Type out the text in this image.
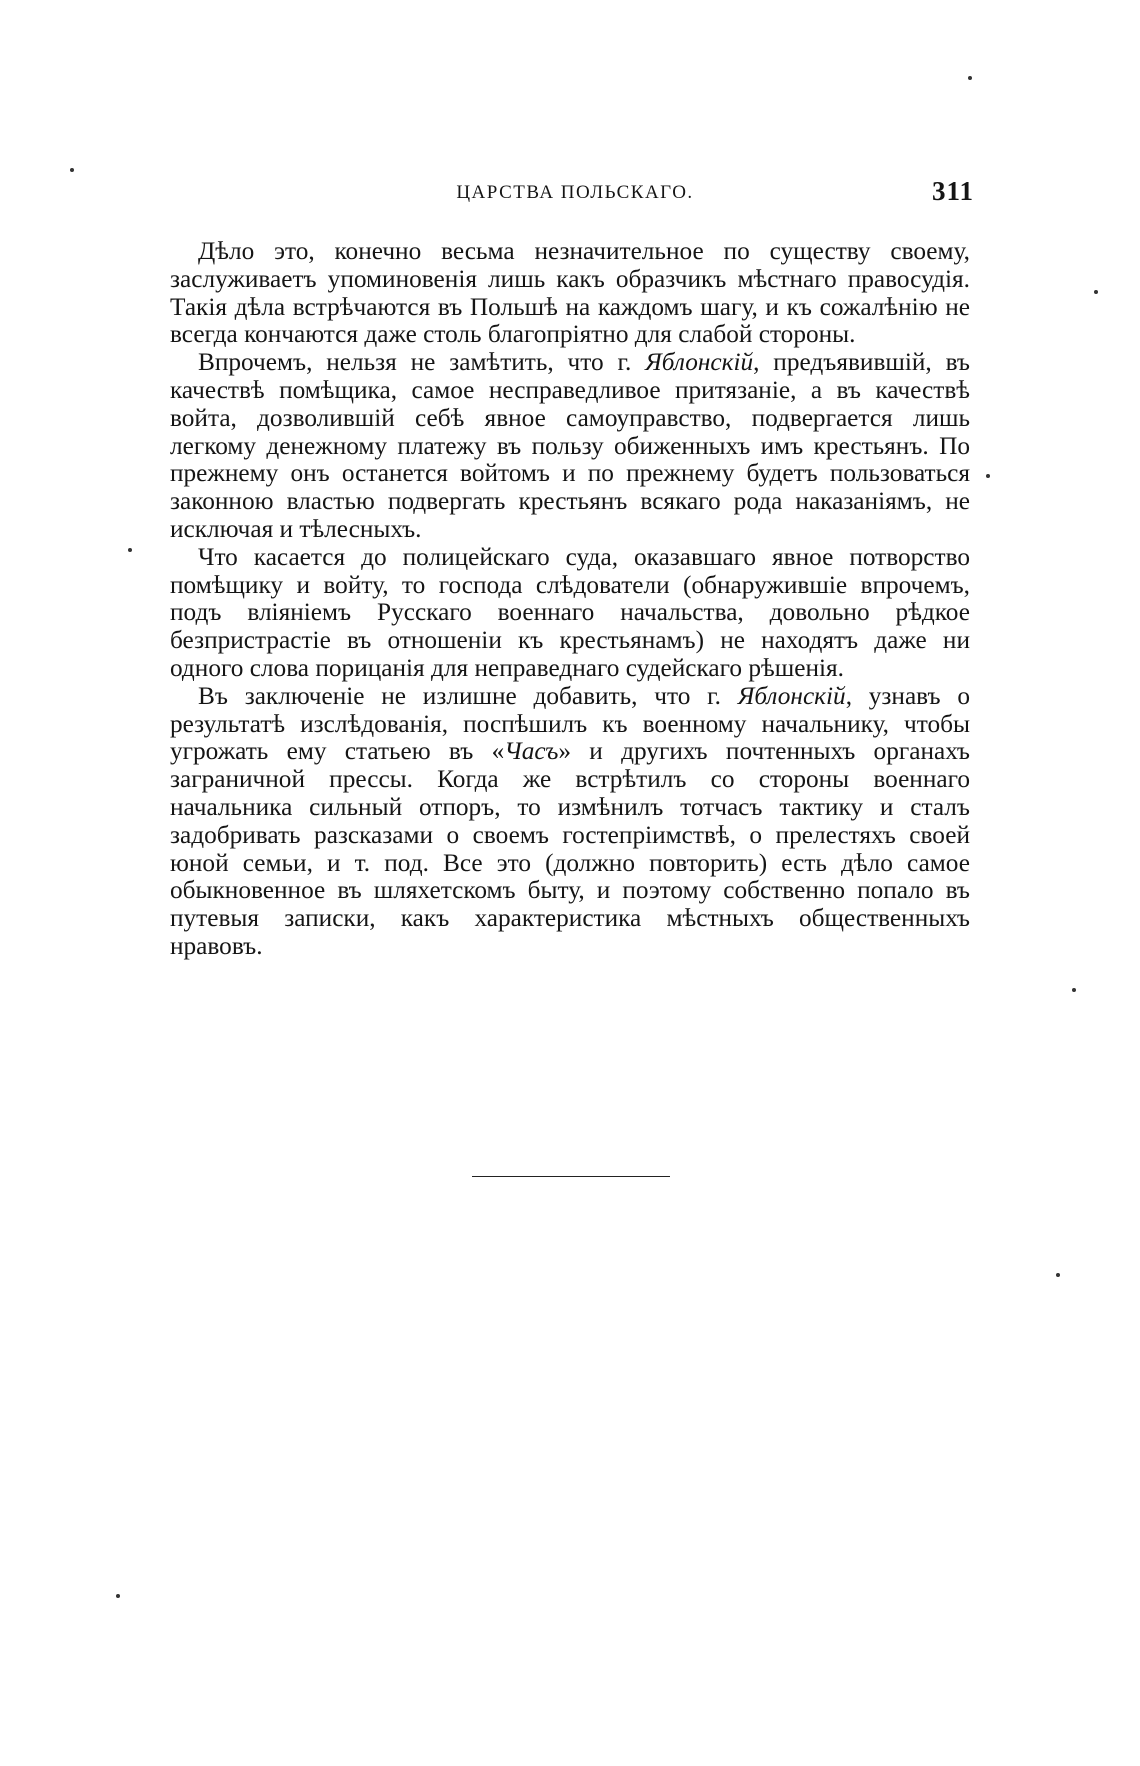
ЦАРСТВА ПОЛЬСКАГО.	311

Дѣло это, конечно весьма незначительное по существу своему, заслуживаетъ упоминовенія лишь какъ образчикъ мѣстнаго правосудія. Такія дѣла встрѣчаются въ Польшѣ на каждомъ шагу, и къ сожалѣнію не всегда кончаются даже столь благопріятно для слабой стороны.

Впрочемъ, нельзя не замѣтить, что г. Яблонскій, предъявившій, въ качествѣ помѣщика, самое несправедливое притязаніе, а въ качествѣ войта, дозволившій себѣ явное самоуправство, подвергается лишь легкому денежному платежу въ пользу обиженныхъ имъ крестьянъ. По прежнему онъ останется войтомъ и по прежнему будетъ пользоваться законною властью подвергать крестьянъ всякаго рода наказаніямъ, не исключая и тѣлесныхъ.

Что касается до полицейскаго суда, оказавшаго явное потворство помѣщику и войту, то господа слѣдователи (обнаружившіе впрочемъ, подъ вліяніемъ Русскаго военнаго начальства, довольно рѣдкое безпристрастіе въ отношеніи къ крестьянамъ) не находятъ даже ни одного слова порицанія для неправеднаго судейскаго рѣшенія.

Въ заключеніе не излишне добавить, что г. Яблонскій, узнавъ о результатѣ изслѣдованія, поспѣшилъ къ военному начальнику, чтобы угрожать ему статьею въ «Часъ» и другихъ почтенныхъ органахъ заграничной прессы. Когда же встрѣтилъ со стороны военнаго начальника сильный отпоръ, то измѣнилъ тотчасъ тактику и сталъ задобривать разсказами о своемъ гостепріимствѣ, о прелестяхъ своей юной семьи, и т. под. Все это (должно повторить) есть дѣло самое обыкновенное въ шляхетскомъ быту, и поэтому собственно попало въ путевыя записки, какъ характеристика мѣстныхъ общественныхъ нравовъ.
